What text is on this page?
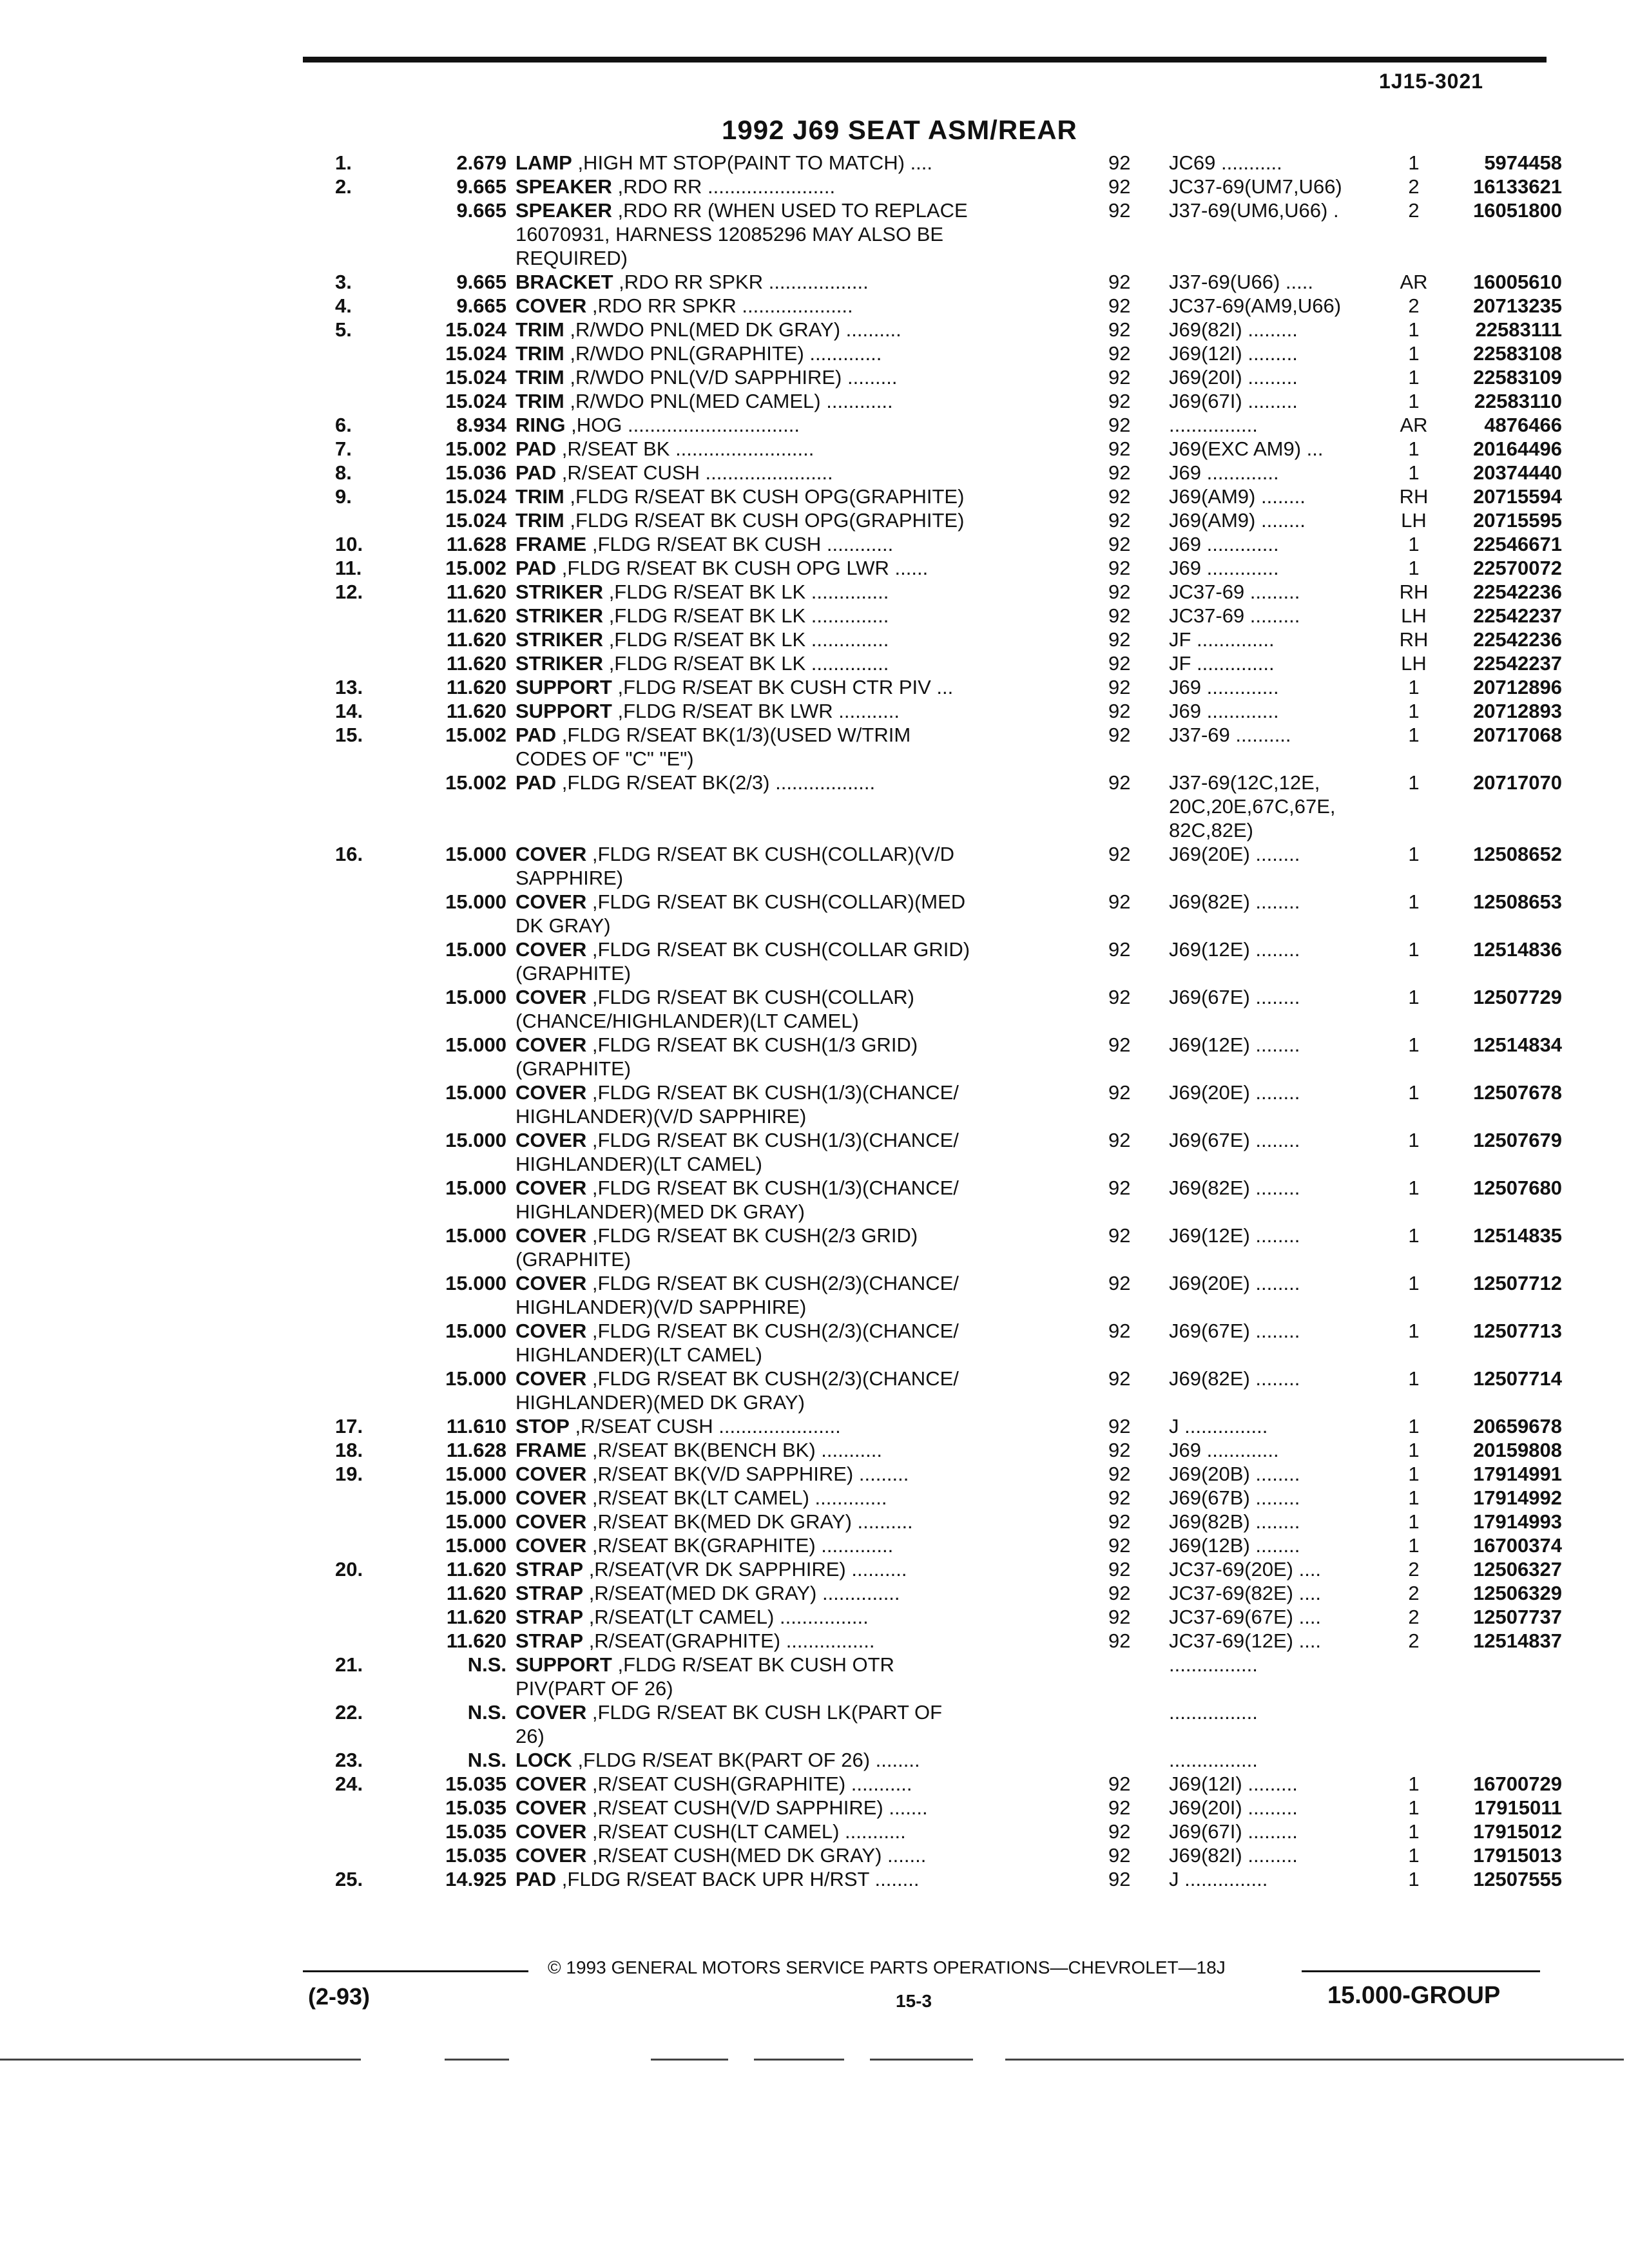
1J15-3021
1992 J69 SEAT ASM/REAR
1.	2.679 LAMP ,HIGH MT STOP(PAINT TO MATCH) ....	92	JC69 ...........	1	5974458
2.	9.665 SPEAKER ,RDO RR .......................	92	JC37-69(UM7,U66)	2	16133621
9.665 SPEAKER ,RDO RR (WHEN USED TO REPLACE
16070931, HARNESS 12085296 MAY ALSO BE
REQUIRED)
92	J37-69(UM6,U66) .	2	16051800
3.	9.665 BRACKET ,RDO RR SPKR ..................	92	J37-69(U66) .....	AR	16005610
4.	9.665 COVER ,RDO RR SPKR ....................	92	JC37-69(AM9,U66)	2	20713235
5.	15.024 TRIM ,R/WDO PNL(MED DK GRAY) ..........	92	J69(82I) .........	1	22583111
15.024 TRIM ,R/WDO PNL(GRAPHITE) .............	92	J69(12I) .........	1	22583108
15.024 TRIM ,R/WDO PNL(V/D SAPPHIRE) .........	92	J69(20I) .........	1	22583109
15.024 TRIM ,R/WDO PNL(MED CAMEL) ............	92	J69(67I) .........	1	22583110
6.	8.934 RING ,HOG ...............................	92	................	AR	4876466
7.	15.002 PAD ,R/SEAT BK .........................	92	J69(EXC AM9) ...	1	20164496
8.	15.036 PAD ,R/SEAT CUSH .......................	92	J69 .............	1	20374440
9.	15.024 TRIM ,FLDG R/SEAT BK CUSH OPG(GRAPHITE)	92	J69(AM9) ........	RH	20715594
15.024 TRIM ,FLDG R/SEAT BK CUSH OPG(GRAPHITE)	92	J69(AM9) ........	LH	20715595
10.	11.628 FRAME ,FLDG R/SEAT BK CUSH ............	92	J69 .............	1	22546671
11.	15.002 PAD ,FLDG R/SEAT BK CUSH OPG LWR ......	92	J69 .............	1	22570072
12.	11.620 STRIKER ,FLDG R/SEAT BK LK ..............	92	JC37-69 .........	RH	22542236
11.620 STRIKER ,FLDG R/SEAT BK LK ..............	92	JC37-69 .........	LH	22542237
11.620 STRIKER ,FLDG R/SEAT BK LK ..............	92	JF ..............	RH	22542236
11.620 STRIKER ,FLDG R/SEAT BK LK ..............	92	JF ..............	LH	22542237
13.	11.620 SUPPORT ,FLDG R/SEAT BK CUSH CTR PIV ...	92	J69 .............	1	20712896
14.	11.620 SUPPORT ,FLDG R/SEAT BK LWR ...........	92	J69 .............	1	20712893
15.	15.002 PAD ,FLDG R/SEAT BK(1/3)(USED W/TRIM
CODES OF "C" "E")
92	J37-69 ..........	1	20717068
15.002 PAD ,FLDG R/SEAT BK(2/3) ..................	92	J37-69(12C,12E,
20C,20E,67C,67E,
82C,82E)
1	20717070
16.	15.000 COVER ,FLDG R/SEAT BK CUSH(COLLAR)(V/D
SAPPHIRE)
92	J69(20E) ........	1	12508652
15.000 COVER ,FLDG R/SEAT BK CUSH(COLLAR)(MED
DK GRAY)
92	J69(82E) ........	1	12508653
15.000 COVER ,FLDG R/SEAT BK CUSH(COLLAR GRID)
(GRAPHITE)
92	J69(12E) ........	1	12514836
15.000 COVER ,FLDG R/SEAT BK CUSH(COLLAR)
(CHANCE/HIGHLANDER)(LT CAMEL)
92	J69(67E) ........	1	12507729
15.000 COVER ,FLDG R/SEAT BK CUSH(1/3 GRID)
(GRAPHITE)
92	J69(12E) ........	1	12514834
15.000 COVER ,FLDG R/SEAT BK CUSH(1/3)(CHANCE/
HIGHLANDER)(V/D SAPPHIRE)
92	J69(20E) ........	1	12507678
15.000 COVER ,FLDG R/SEAT BK CUSH(1/3)(CHANCE/
HIGHLANDER)(LT CAMEL)
92	J69(67E) ........	1	12507679
15.000 COVER ,FLDG R/SEAT BK CUSH(1/3)(CHANCE/
HIGHLANDER)(MED DK GRAY)
92	J69(82E) ........	1	12507680
15.000 COVER ,FLDG R/SEAT BK CUSH(2/3 GRID)
(GRAPHITE)
92	J69(12E) ........	1	12514835
15.000 COVER ,FLDG R/SEAT BK CUSH(2/3)(CHANCE/
HIGHLANDER)(V/D SAPPHIRE)
92	J69(20E) ........	1	12507712
15.000 COVER ,FLDG R/SEAT BK CUSH(2/3)(CHANCE/
HIGHLANDER)(LT CAMEL)
92	J69(67E) ........	1	12507713
15.000 COVER ,FLDG R/SEAT BK CUSH(2/3)(CHANCE/
HIGHLANDER)(MED DK GRAY)
92	J69(82E) ........	1	12507714
17.	11.610 STOP ,R/SEAT CUSH ......................	92	J ...............	1	20659678
18.	11.628 FRAME ,R/SEAT BK(BENCH BK) ...........	92	J69 .............	1	20159808
19.	15.000 COVER ,R/SEAT BK(V/D SAPPHIRE) .........	92	J69(20B) ........	1	17914991
15.000 COVER ,R/SEAT BK(LT CAMEL) .............	92	J69(67B) ........	1	17914992
15.000 COVER ,R/SEAT BK(MED DK GRAY) ..........	92	J69(82B) ........	1	17914993
15.000 COVER ,R/SEAT BK(GRAPHITE) .............	92	J69(12B) ........	1	16700374
20.	11.620 STRAP ,R/SEAT(VR DK SAPPHIRE) ..........	92	JC37-69(20E) ....	2	12506327
11.620 STRAP ,R/SEAT(MED DK GRAY) ..............	92	JC37-69(82E) ....	2	12506329
11.620 STRAP ,R/SEAT(LT CAMEL) ................	92	JC37-69(67E) ....	2	12507737
11.620 STRAP ,R/SEAT(GRAPHITE) ................	92	JC37-69(12E) ....	2	12514837
21.	N.S. SUPPORT ,FLDG R/SEAT BK CUSH OTR
PIV(PART OF 26)
................
22.	N.S. COVER ,FLDG R/SEAT BK CUSH LK(PART OF
26)
................
23.	N.S. LOCK ,FLDG R/SEAT BK(PART OF 26) ........	................
24.	15.035 COVER ,R/SEAT CUSH(GRAPHITE) ...........	92	J69(12I) .........	1	16700729
15.035 COVER ,R/SEAT CUSH(V/D SAPPHIRE) .......	92	J69(20I) .........	1	17915011
15.035 COVER ,R/SEAT CUSH(LT CAMEL) ...........	92	J69(67I) .........	1	17915012
15.035 COVER ,R/SEAT CUSH(MED DK GRAY) .......	92	J69(82I) .........	1	17915013
25.	14.925 PAD ,FLDG R/SEAT BACK UPR H/RST ........	92	J ...............	1	12507555
© 1993 GENERAL MOTORS SERVICE PARTS OPERATIONS—CHEVROLET—18J
(2-93)	15-3	15.000-GROUP
